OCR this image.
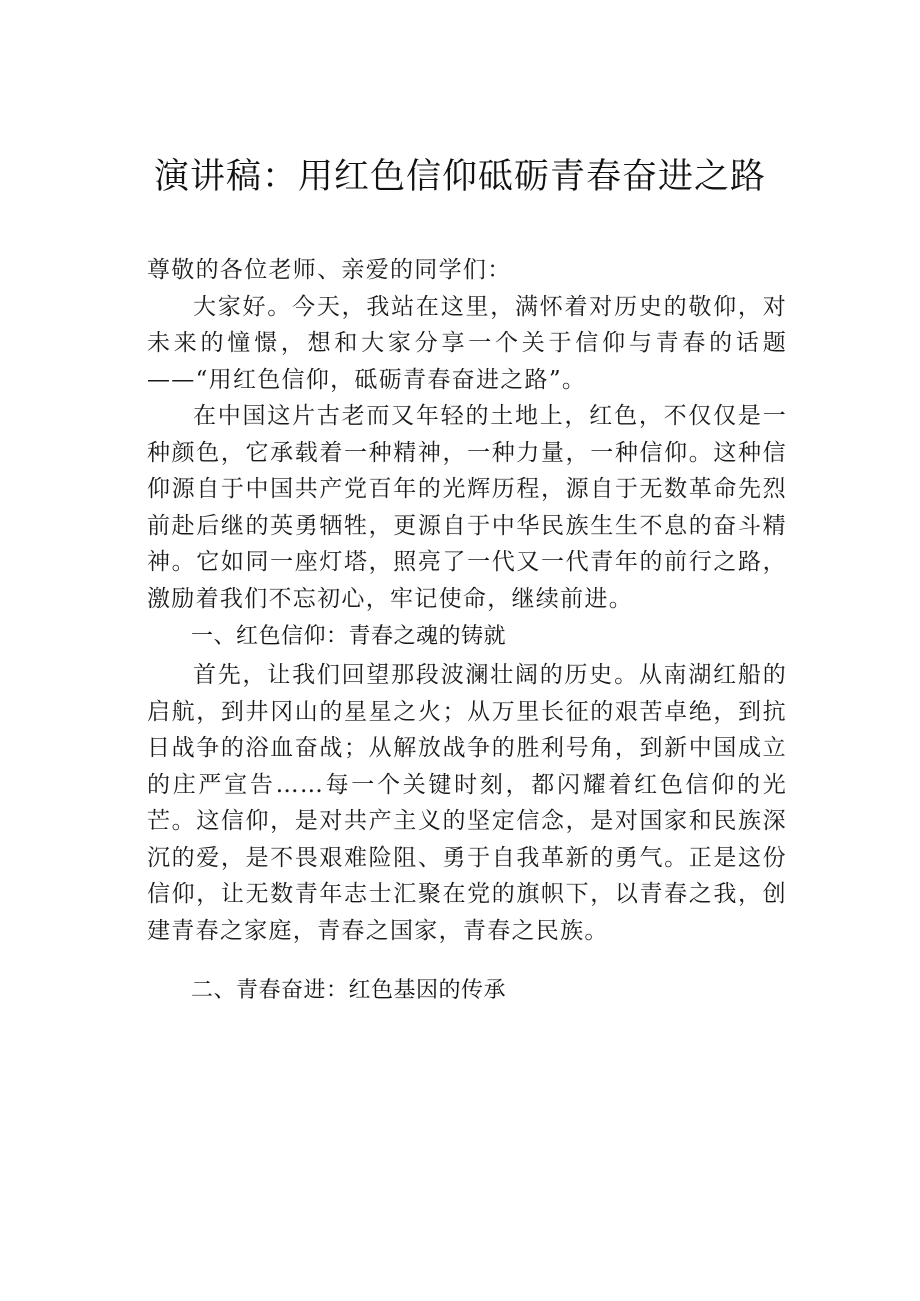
演讲稿：用红色信仰砥砺青春奋进之路

尊敬的各位老师、亲爱的同学们：

大家好。今天，我站在这里，满怀着对历史的敬仰，对未来的憧憬，想和大家分享一个关于信仰与青春的话题——“用红色信仰，砥砺青春奋进之路”。

在中国这片古老而又年轻的土地上，红色，不仅仅是一种颜色，它承载着一种精神，一种力量，一种信仰。这种信仰源自于中国共产党百年的光辉历程，源自于无数革命先烈前赴后继的英勇牺牲，更源自于中华民族生生不息的奋斗精神。它如同一座灯塔，照亮了一代又一代青年的前行之路，激励着我们不忘初心，牢记使命，继续前进。

一、红色信仰：青春之魂的铸就

首先，让我们回望那段波澜壮阔的历史。从南湖红船的启航，到井冈山的星星之火；从万里长征的艰苦卓绝，到抗日战争的浴血奋战；从解放战争的胜利号角，到新中国成立的庄严宣告……每一个关键时刻，都闪耀着红色信仰的光芒。这信仰，是对共产主义的坚定信念，是对国家和民族深沉的爱，是不畏艰难险阻、勇于自我革新的勇气。正是这份信仰，让无数青年志士汇聚在党的旗帜下，以青春之我，创建青春之家庭，青春之国家，青春之民族。

二、青春奋进：红色基因的传承
